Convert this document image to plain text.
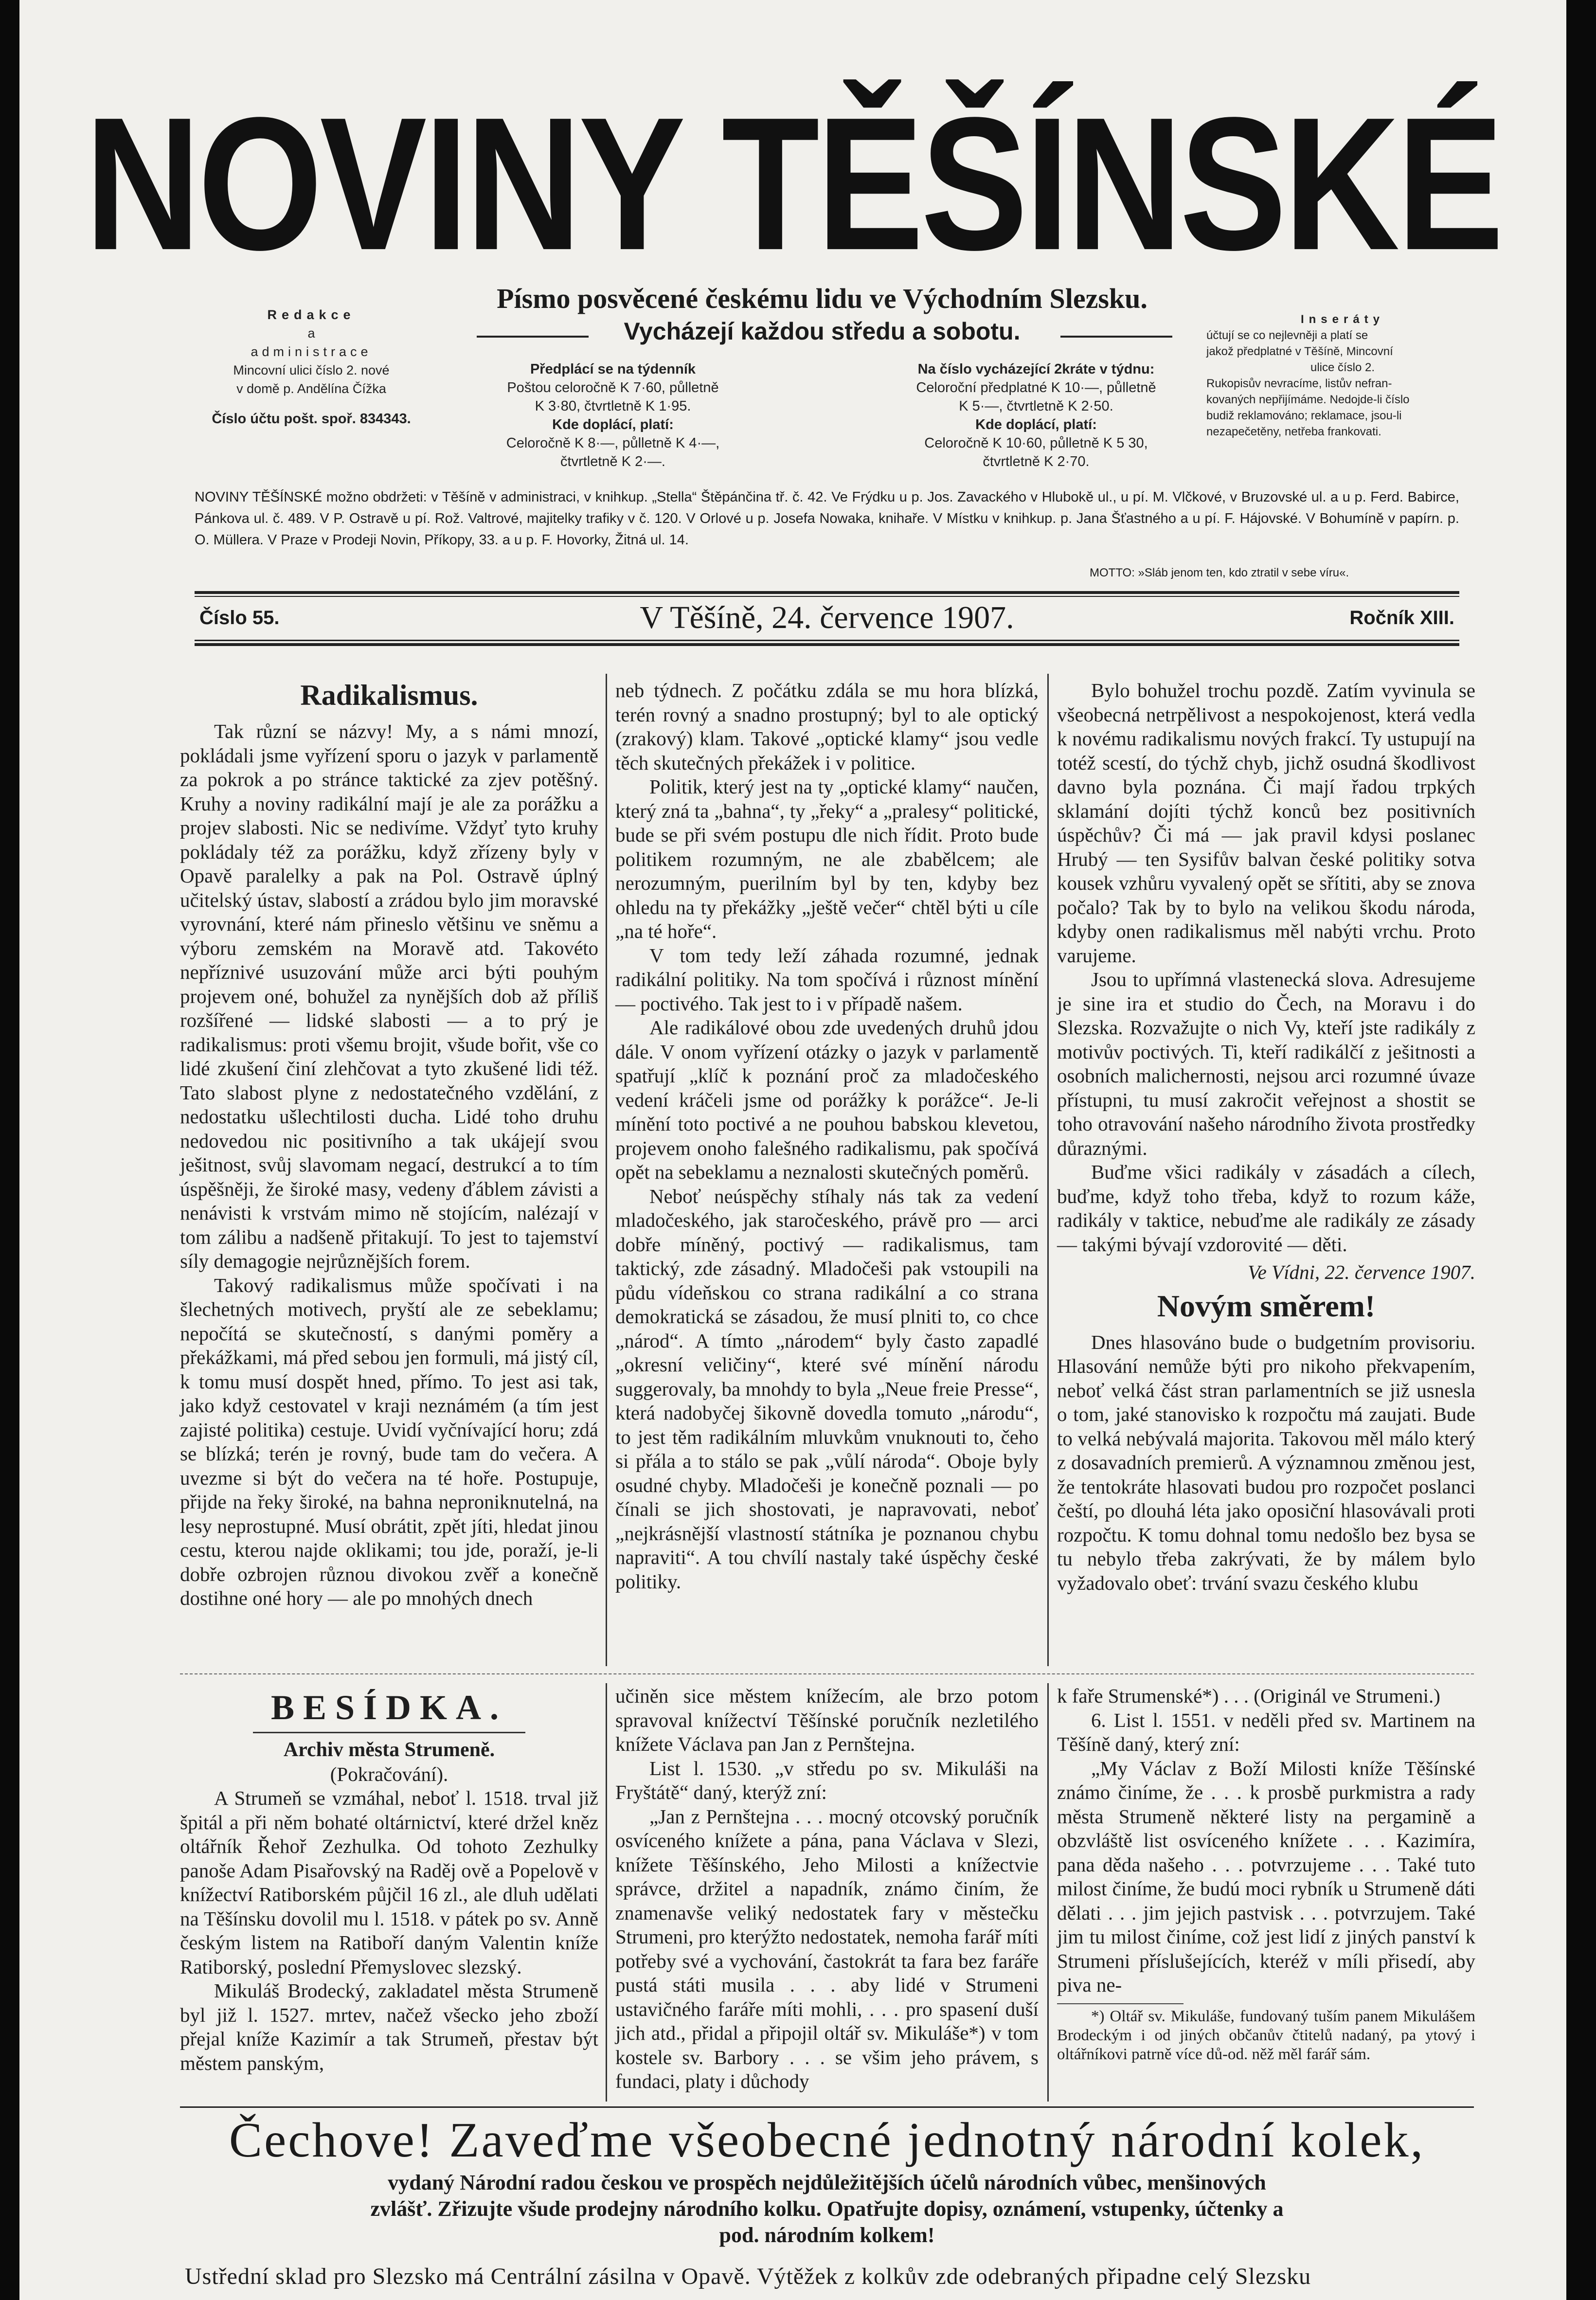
NOVINY TĚŠÍNSKÉ
Redakce
a
administrace
Mincovní ulici číslo 2. nové
v domě p. Andělína Čížka
Číslo účtu pošt. spoř. 834343.
Písmo posvěcené českému lidu ve Východním Slezsku.
Vycházejí každou středu a sobotu.
Předplácí se na týdenník
Poštou celoročně K 7·60, půlletně
K 3·80, čtvrtletně K 1·95.
Kde doplácí, platí:
Celoročně K 8·—, půlletně K 4·—,
čtvrtletně K 2·—.
Na číslo vycházející 2kráte v týdnu:
Celoroční předplatné K 10·—, půlletně
K 5·—, čtvrtletně K 2·50.
Kde doplácí, platí:
Celoročně K 10·60, půlletně K 5 30,
čtvrtletně K 2·70.
Inseráty
účtují se co nejlevněji a platí se
jakož předplatné v Těšíně, Mincovní
ulice číslo 2.
Rukopisův nevracíme, listův nefran-
kovaných nepřijímáme. Nedojde-li číslo
budiž reklamováno; reklamace, jsou-li
nezapečetěny, netřeba frankovati.
NOVINY TĚŠÍNSKÉ možno obdržeti: v Těšíně v administraci, v knihkup. „Stella“ Štěpánčina tř. č. 42. Ve Frýdku u p. Jos. Zavackého v Hlubokě ul., u pí. M. Vlčkové, v Bruzovské ul. a u p. Ferd. Babirce, Pánkova ul. č. 489. V P. Ostravě u pí. Rož. Valtrové, majitelky trafiky v č. 120. V Orlové u p. Josefa Nowaka, knihaře. V Místku v knihkup. p. Jana Šťastného a u pí. F. Hájovské. V Bohumíně v papírn. p. O. Müllera. V Praze v Prodeji Novin, Příkopy, 33. a u p. F. Hovorky, Žitná ul. 14.
MOTTO: »Sláb jenom ten, kdo ztratil v sebe víru«.
Číslo 55.	V Těšíně, 24. července 1907.	Ročník XIII.
Radikalismus.

Tak různí se názvy! My, a s námi mnozí, pokládali jsme vyřízení sporu o jazyk v parlamentě za pokrok a po stránce taktické za zjev potěšný. Kruhy a noviny radikální mají je ale za porážku a projev slabosti. Nic se nedivíme. Vždyť tyto kruhy pokládaly též za porážku, když zřízeny byly v Opavě paralelky a pak na Pol. Ostravě úplný učitelský ústav, slabostí a zrádou bylo jim moravské vyrovnání, které nám přineslo většinu ve sněmu a výboru zemském na Moravě atd. Takovéto nepříznivé usuzování může arci býti pouhým projevem oné, bohužel za nynějších dob až příliš rozšířené — lidské slabosti — a to prý je radikalismus: proti všemu brojit, všude bořit, vše co lidé zkušení činí zlehčovat a tyto zkušené lidi též. Tato slabost plyne z nedostatečného vzdělání, z nedostatku ušlechtilosti ducha. Lidé toho druhu nedovedou nic positivního a tak ukájejí svou ješitnost, svůj slavomam negací, destrukcí a to tím úspěšněji, že široké masy, vedeny ďáblem závisti a nenávisti k vrstvám mimo ně stojícím, nalézají v tom zálibu a nadšeně přitakují. To jest to tajemství síly demagogie nejrůznějších forem.

Takový radikalismus může spočívati i na šlechetných motivech, pryští ale ze sebeklamu; nepočítá se skutečností, s danými poměry a překážkami, má před sebou jen formuli, má jistý cíl, k tomu musí dospět hned, přímo. To jest asi tak, jako když cestovatel v kraji neznámém (a tím jest zajisté politika) cestuje. Uvidí vyčnívající horu; zdá se blízká; terén je rovný, bude tam do večera. A uvezme si být do večera na té hoře. Postupuje, přijde na řeky široké, na bahna neproniknutelná, na lesy neprostupné. Musí obrátit, zpět jíti, hledat jinou cestu, kterou najde oklikami; tou jde, poraží, je-li dobře ozbrojen různou divokou zvěř a konečně dostihne oné hory — ale po mnohých dnech

neb týdnech. Z počátku zdála se mu hora blízká, terén rovný a snadno prostupný; byl to ale optický (zrakový) klam. Takové „optické klamy“ jsou vedle těch skutečných překážek i v politice.

Politik, který jest na ty „optické klamy“ naučen, který zná ta „bahna“, ty „řeky“ a „pralesy“ politické, bude se při svém postupu dle nich řídit. Proto bude politikem rozumným, ne ale zbabělcem; ale nerozumným, puerilním byl by ten, kdyby bez ohledu na ty překážky „ještě večer“ chtěl býti u cíle „na té hoře“.

V tom tedy leží záhada rozumné, jednak radikální politiky. Na tom spočívá i různost mínění — poctivého. Tak jest to i v případě našem.

Ale radikálové obou zde uvedených druhů jdou dále. V onom vyřízení otázky o jazyk v parlamentě spatřují „klíč k poznání proč za mladočeského vedení kráčeli jsme od porážky k porážce“. Je-li mínění toto poctivé a ne pouhou babskou klevetou, projevem onoho falešného radikalismu, pak spočívá opět na sebeklamu a neznalosti skutečných poměrů.

Neboť neúspěchy stíhaly nás tak za vedení mladočeského, jak staročeského, právě pro — arci dobře míněný, poctivý — radikalismus, tam taktický, zde zásadný. Mladočeši pak vstoupili na půdu vídeňskou co strana radikální a co strana demokratická se zásadou, že musí plniti to, co chce „národ“. A tímto „národem“ byly často zapadlé „okresní veličiny“, které své mínění národu suggerovaly, ba mnohdy to byla „Neue freie Presse“, která nadobyčej šikovně dovedla tomuto „národu“, to jest těm radikálním mluvkům vnuknouti to, čeho si přála a to stálo se pak „vůlí národa“. Oboje byly osudné chyby. Mladočeši je konečně poznali — po čínali se jich shostovati, je napravovati, neboť „nejkrásnější vlastností státníka je poznanou chybu napraviti“. A tou chvílí nastaly také úspěchy české politiky.

Bylo bohužel trochu pozdě. Zatím vyvinula se všeobecná netrpělivost a nespokojenost, která vedla k novému radikalismu nových frakcí. Ty ustupují na totéž scestí, do týchž chyb, jichž osudná škodlivost davno byla poznána. Či mají řadou trpkých sklamání dojíti týchž konců bez positivních úspěchův? Či má — jak pravil kdysi poslanec Hrubý — ten Sysifův balvan české politiky sotva kousek vzhůru vyvalený opět se sřítiti, aby se znova počalo? Tak by to bylo na velikou škodu národa, kdyby onen radikalismus měl nabýti vrchu. Proto varujeme.

Jsou to upřímná vlastenecká slova. Adresujeme je sine ira et studio do Čech, na Moravu i do Slezska. Rozvažujte o nich Vy, kteří jste radikály z motivův poctivých. Ti, kteří radikálčí z ješitnosti a osobních malichernosti, nejsou arci rozumné úvaze přístupni, tu musí zakročit veřejnost a shostit se toho otravování našeho národního života prostředky důraznými.

Buďme všici radikály v zásadách a cílech, buďme, když toho třeba, když to rozum káže, radikály v taktice, nebuďme ale radikály ze zásady — takými bývají vzdorovité — děti.

Ve Vídni, 22. července 1907.
Novým směrem!

Dnes hlasováno bude o budgetním provisoriu. Hlasování nemůže býti pro nikoho překvapením, neboť velká část stran parlamentních se již usnesla o tom, jaké stanovisko k rozpočtu má zaujati. Bude to velká nebývalá majorita. Takovou měl málo který z dosavadních premierů. A významnou změnou jest, že tentokráte hlasovati budou pro rozpočet poslanci čeští, po dlouhá léta jako oposiční hlasovávali proti rozpočtu. K tomu dohnal tomu nedošlo bez bysa se tu nebylo třeba zakrývati, že by málem bylo vyžadovalo obeť: trvání svazu českého klubu

BESÍDKA.
Archiv města Strumeně.
(Pokračování).

A Strumeň se vzmáhal, neboť l. 1518. trval již špitál a při něm bohaté oltárnictví, které držel kněz oltářník Řehoř Zezhulka. Od tohoto Zezhulky panoše Adam Pisařovský na Raděj ově a Popelově v knížectví Ratiborském půjčil 16 zl., ale dluh udělati na Těšínsku dovolil mu l. 1518. v pátek po sv. Anně českým listem na Ratiboří daným Valentin kníže Ratiborský, poslední Přemyslovec slezský.

Mikuláš Brodecký, zakladatel města Strumeně byl již l. 1527. mrtev, načež všecko jeho zboží přejal kníže Kazimír a tak Strumeň, přestav být městem panským,

učiněn sice městem knížecím, ale brzo potom spravoval knížectví Těšínské poručník nezletilého knížete Václava pan Jan z Pernštejna.

List l. 1530. „v středu po sv. Mikuláši na Fryštátě“ daný, kterýž zní:

„Jan z Pernštejna . . . mocný otcovský poručník osvíceného knížete a pána, pana Václava v Slezi, knížete Těšínského, Jeho Milosti a knížectvie správce, držitel a napadník, známo činím, že znamenavše veliký nedostatek fary v městečku Strumeni, pro kterýžto nedostatek, nemoha farář míti potřeby své a vychování, častokrát ta fara bez faráře pustá státi musila . . . aby lidé v Strumeni ustavičného faráře míti mohli, . . . pro spasení duší jich atd., přidal a připojil oltář sv. Mikuláše*) v tom kostele sv. Barbory . . . se všim jeho právem, s fundaci, platy i důchody

k faře Strumenské*) . . . (Originál ve Strumeni.)

6. List l. 1551. v neděli před sv. Martinem na Těšíně daný, který zní:

„My Václav z Boží Milosti kníže Těšínské známo činíme, že . . . k prosbě purkmistra a rady města Strumeně některé listy na pergamině a obzvláště list osvíceného knížete . . . Kazimíra, pana děda našeho . . . potvrzujeme . . . Také tuto milost činíme, že budú moci rybník u Strumeně dáti dělati . . . jim jejich pastvisk . . . potvrzujem. Také jim tu milost činíme, což jest lidí z jiných panství k Strumeni příslušejících, kteréž v míli přisedí, aby piva ne-

*) Oltář sv. Mikuláše, fundovaný tuším panem Mikulášem Brodeckým i od jiných občanův čtitelů nadaný, pa ytový i oltářníkovi patrně více dů-od. něž měl farář sám.

Čechove! Zaveďme všeobecné jednotný národní kolek,
vydaný Národní radou českou ve prospěch nejdůležitějších účelů národních vůbec, menšinových
zvlášť. Zřizujte všude prodejny národního kolku. Opatřujte dopisy, oznámení, vstupenky, účtenky a
pod. národním kolkem!
Ustřední sklad pro Slezsko má Centrální zásilna v Opavě. Výtěžek z kolkův zde odebraných připadne celý Slezsku
